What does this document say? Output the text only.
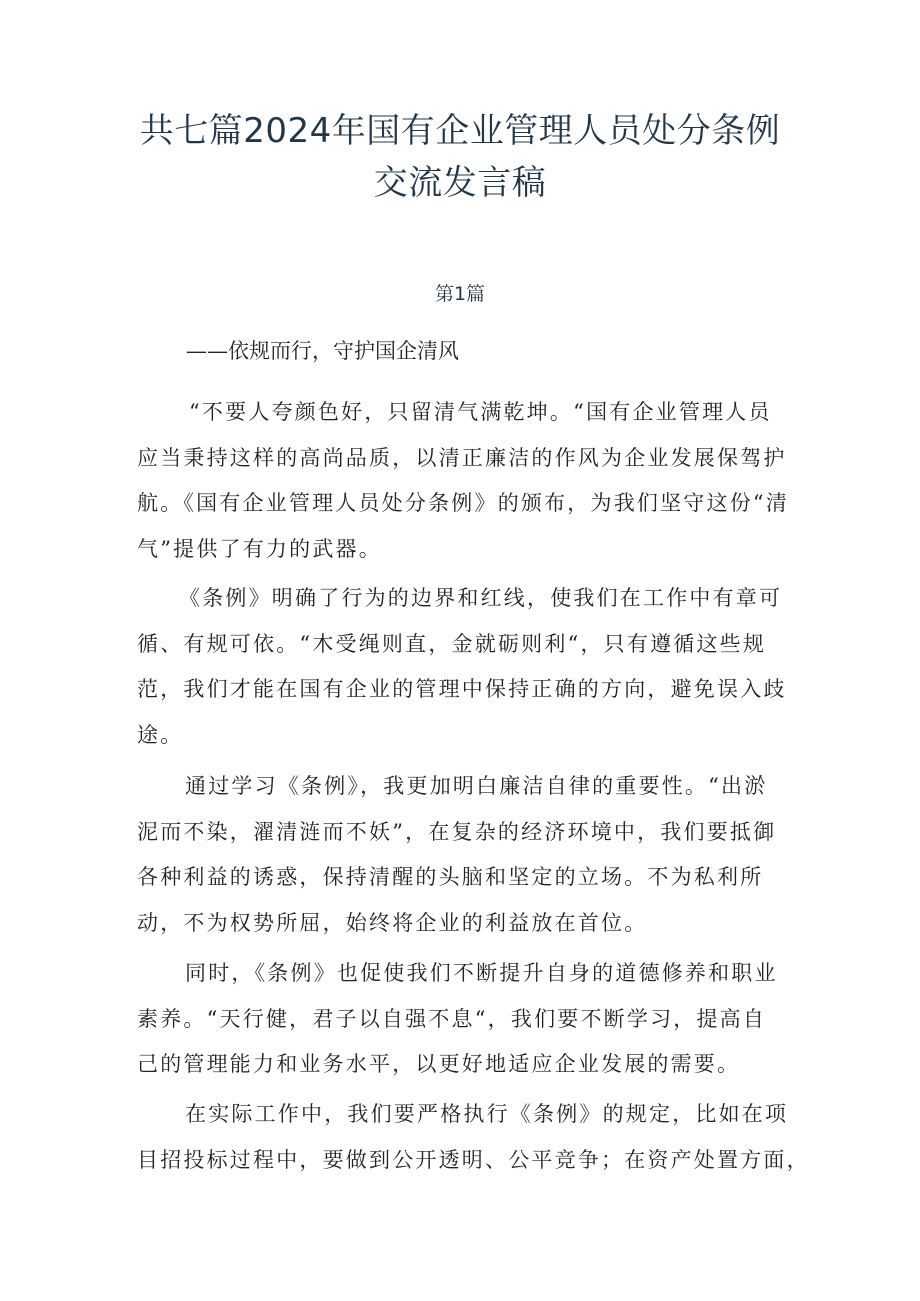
共七篇2024年国有企业管理人员处分条例
交流发言稿
第1篇

——依规而行，守护国企清风

“不要人夸颜色好，只留清气满乾坤。“国有企业管理人员
应当秉持这样的高尚品质，以清正廉洁的作风为企业发展保驾护
航。《国有企业管理人员处分条例》的颁布，为我们坚守这份“清
气”提供了有力的武器。

《条例》明确了行为的边界和红线，使我们在工作中有章可
循、有规可依。“木受绳则直，金就砺则利“，只有遵循这些规
范，我们才能在国有企业的管理中保持正确的方向，避免误入歧
途。

通过学习《条例》，我更加明白廉洁自律的重要性。“出淤
泥而不染，濯清涟而不妖”，在复杂的经济环境中，我们要抵御
各种利益的诱惑，保持清醒的头脑和坚定的立场。不为私利所
动，不为权势所屈，始终将企业的利益放在首位。

同时，《条例》也促使我们不断提升自身的道德修养和职业
素养。“天行健，君子以自强不息“，我们要不断学习，提高自
己的管理能力和业务水平，以更好地适应企业发展的需要。

在实际工作中，我们要严格执行《条例》的规定，比如在项
目招投标过程中，要做到公开透明、公平竞争；在资产处置方面，
